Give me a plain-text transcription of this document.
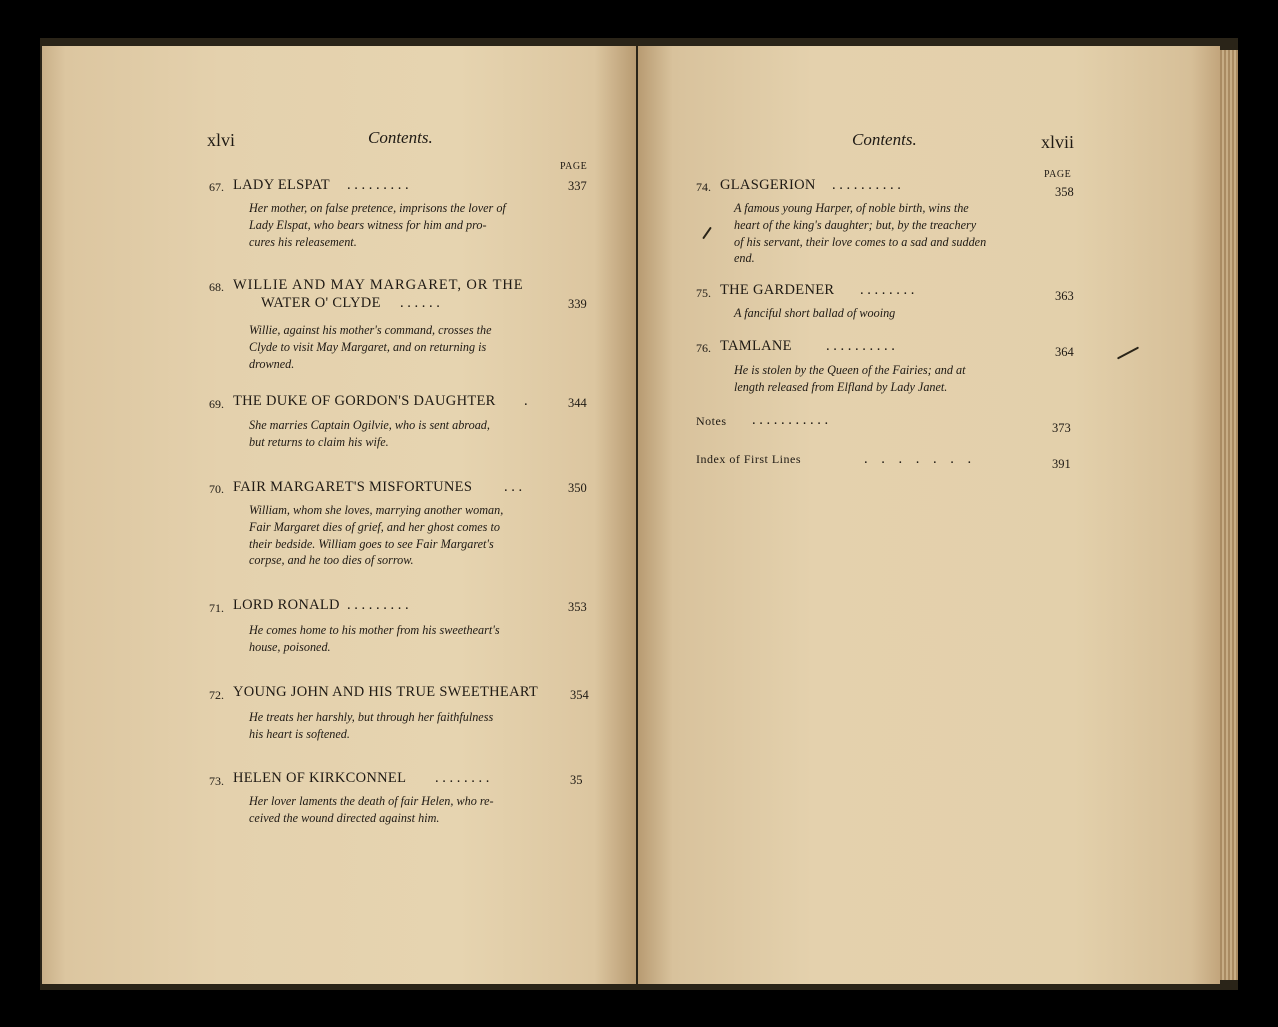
xlvi	Contents.
PAGE
67. LADY ELSPAT . . . . . . . . .	337
Her mother, on false pretence, imprisons the lover of
Lady Elspat, who bears witness for him and pro-
cures his releasement.
68. WILLIE AND MAY MARGARET, OR THE
WATER O' CLYDE . . . . . .	339
Willie, against his mother's command, crosses the
Clyde to visit May Margaret, and on returning is
drowned.
69. THE DUKE OF GORDON'S DAUGHTER .	344
She marries Captain Ogilvie, who is sent abroad,
but returns to claim his wife.
70. FAIR MARGARET'S MISFORTUNES . . .	350
William, whom she loves, marrying another woman,
Fair Margaret dies of grief, and her ghost comes to
their bedside. William goes to see Fair Margaret's
corpse, and he too dies of sorrow.
71. LORD RONALD . . . . . . . . .	353
He comes home to his mother from his sweetheart's
house, poisoned.
72. YOUNG JOHN AND HIS TRUE SWEETHEART	354
He treats her harshly, but through her faithfulness
his heart is softened.
73. HELEN OF KIRKCONNEL . . . . . . . .	35
Her lover laments the death of fair Helen, who re-
ceived the wound directed against him.
Contents.	xlvii
PAGE
74. GLASGERION . . . . . . . . . .	358
A famous young Harper, of noble birth, wins the
heart of the king's daughter; but, by the treachery
of his servant, their love comes to a sad and sudden
end.
75. THE GARDENER . . . . . . . .	363
A fanciful short ballad of wooing
76. TAMLANE . . . . . . . . . .	364
He is stolen by the Queen of the Fairies; and at
length released from Elfland by Lady Janet.
Notes . . . . . . . . . . .	373
Index of First Lines	. . . . . . .	391
